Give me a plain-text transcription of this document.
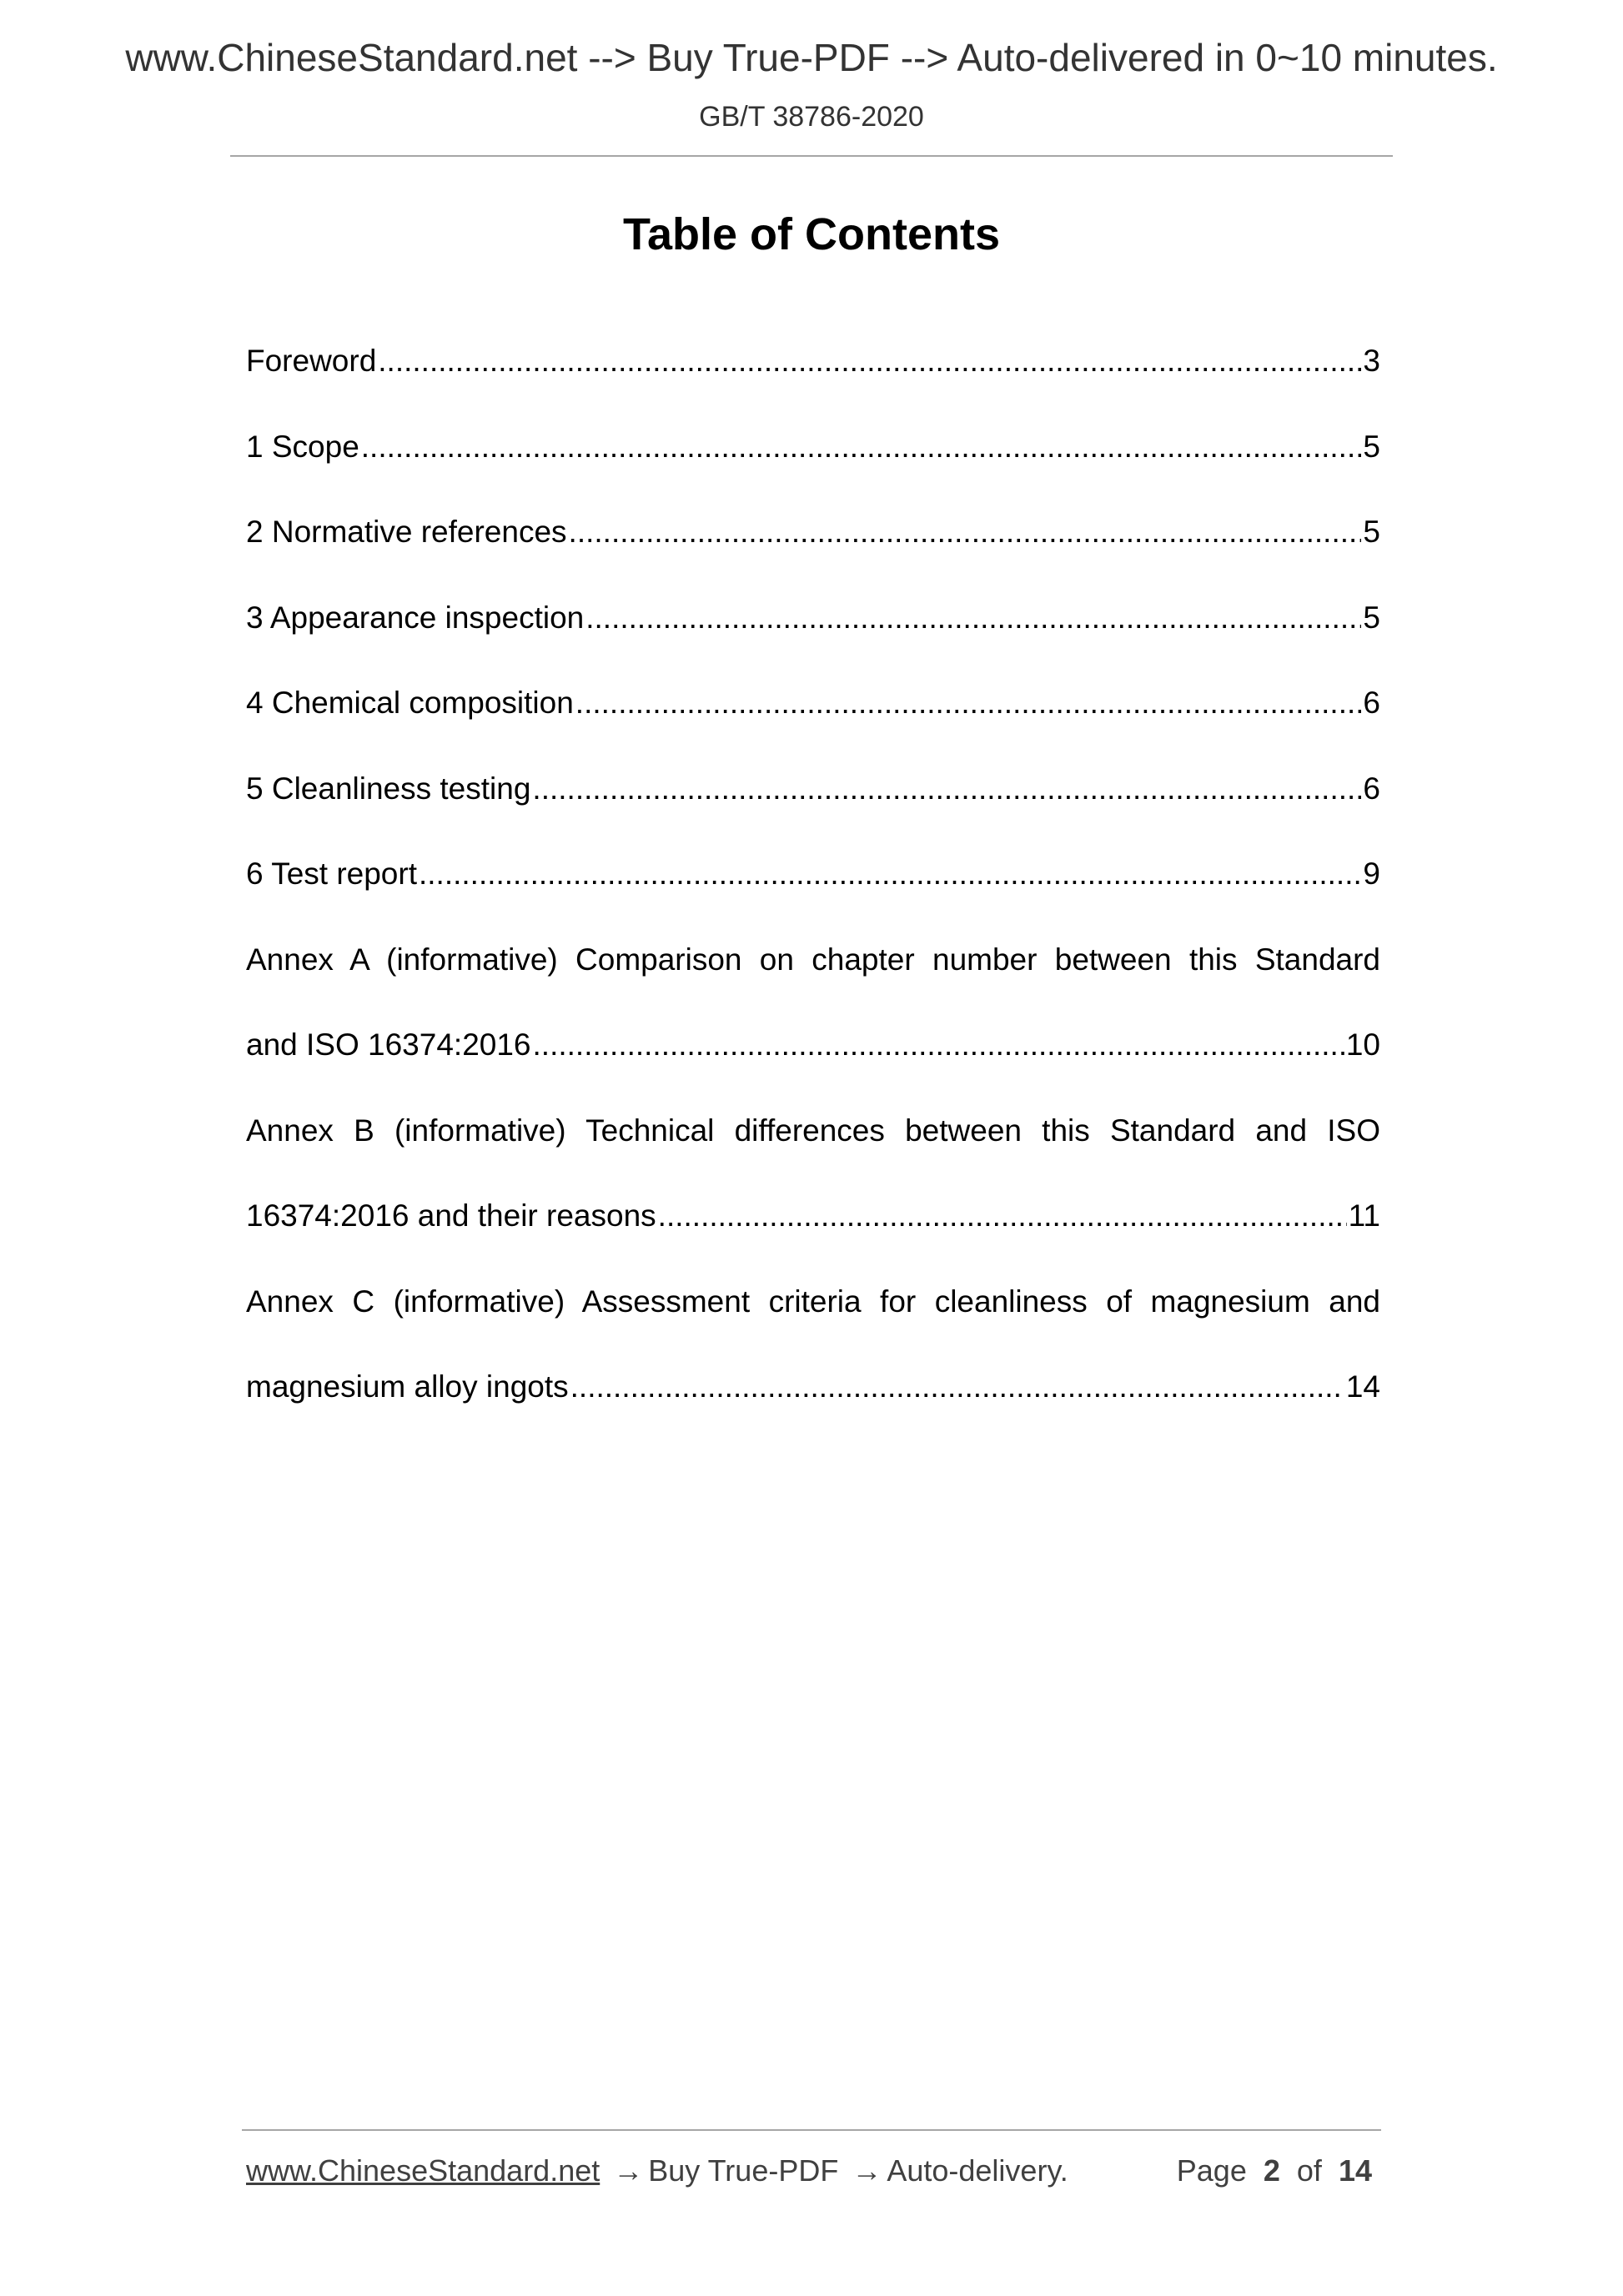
www.ChineseStandard.net --> Buy True-PDF --> Auto-delivered in 0~10 minutes.
GB/T 38786-2020
Table of Contents
Foreword .....	3
1 Scope .....	5
2 Normative references .....	5
3 Appearance inspection .....	5
4 Chemical composition .....	6
5 Cleanliness testing .....	6
6 Test report .....	9
Annex A (informative) Comparison on chapter number between this Standard
and ISO 16374:2016 .....	10
Annex B (informative) Technical differences between this Standard and ISO
16374:2016 and their reasons .....	11
Annex C (informative) Assessment criteria for cleanliness of magnesium and
magnesium alloy ingots .....	14
www.ChineseStandard.net → Buy True-PDF → Auto-delivery.	Page 2 of 14
